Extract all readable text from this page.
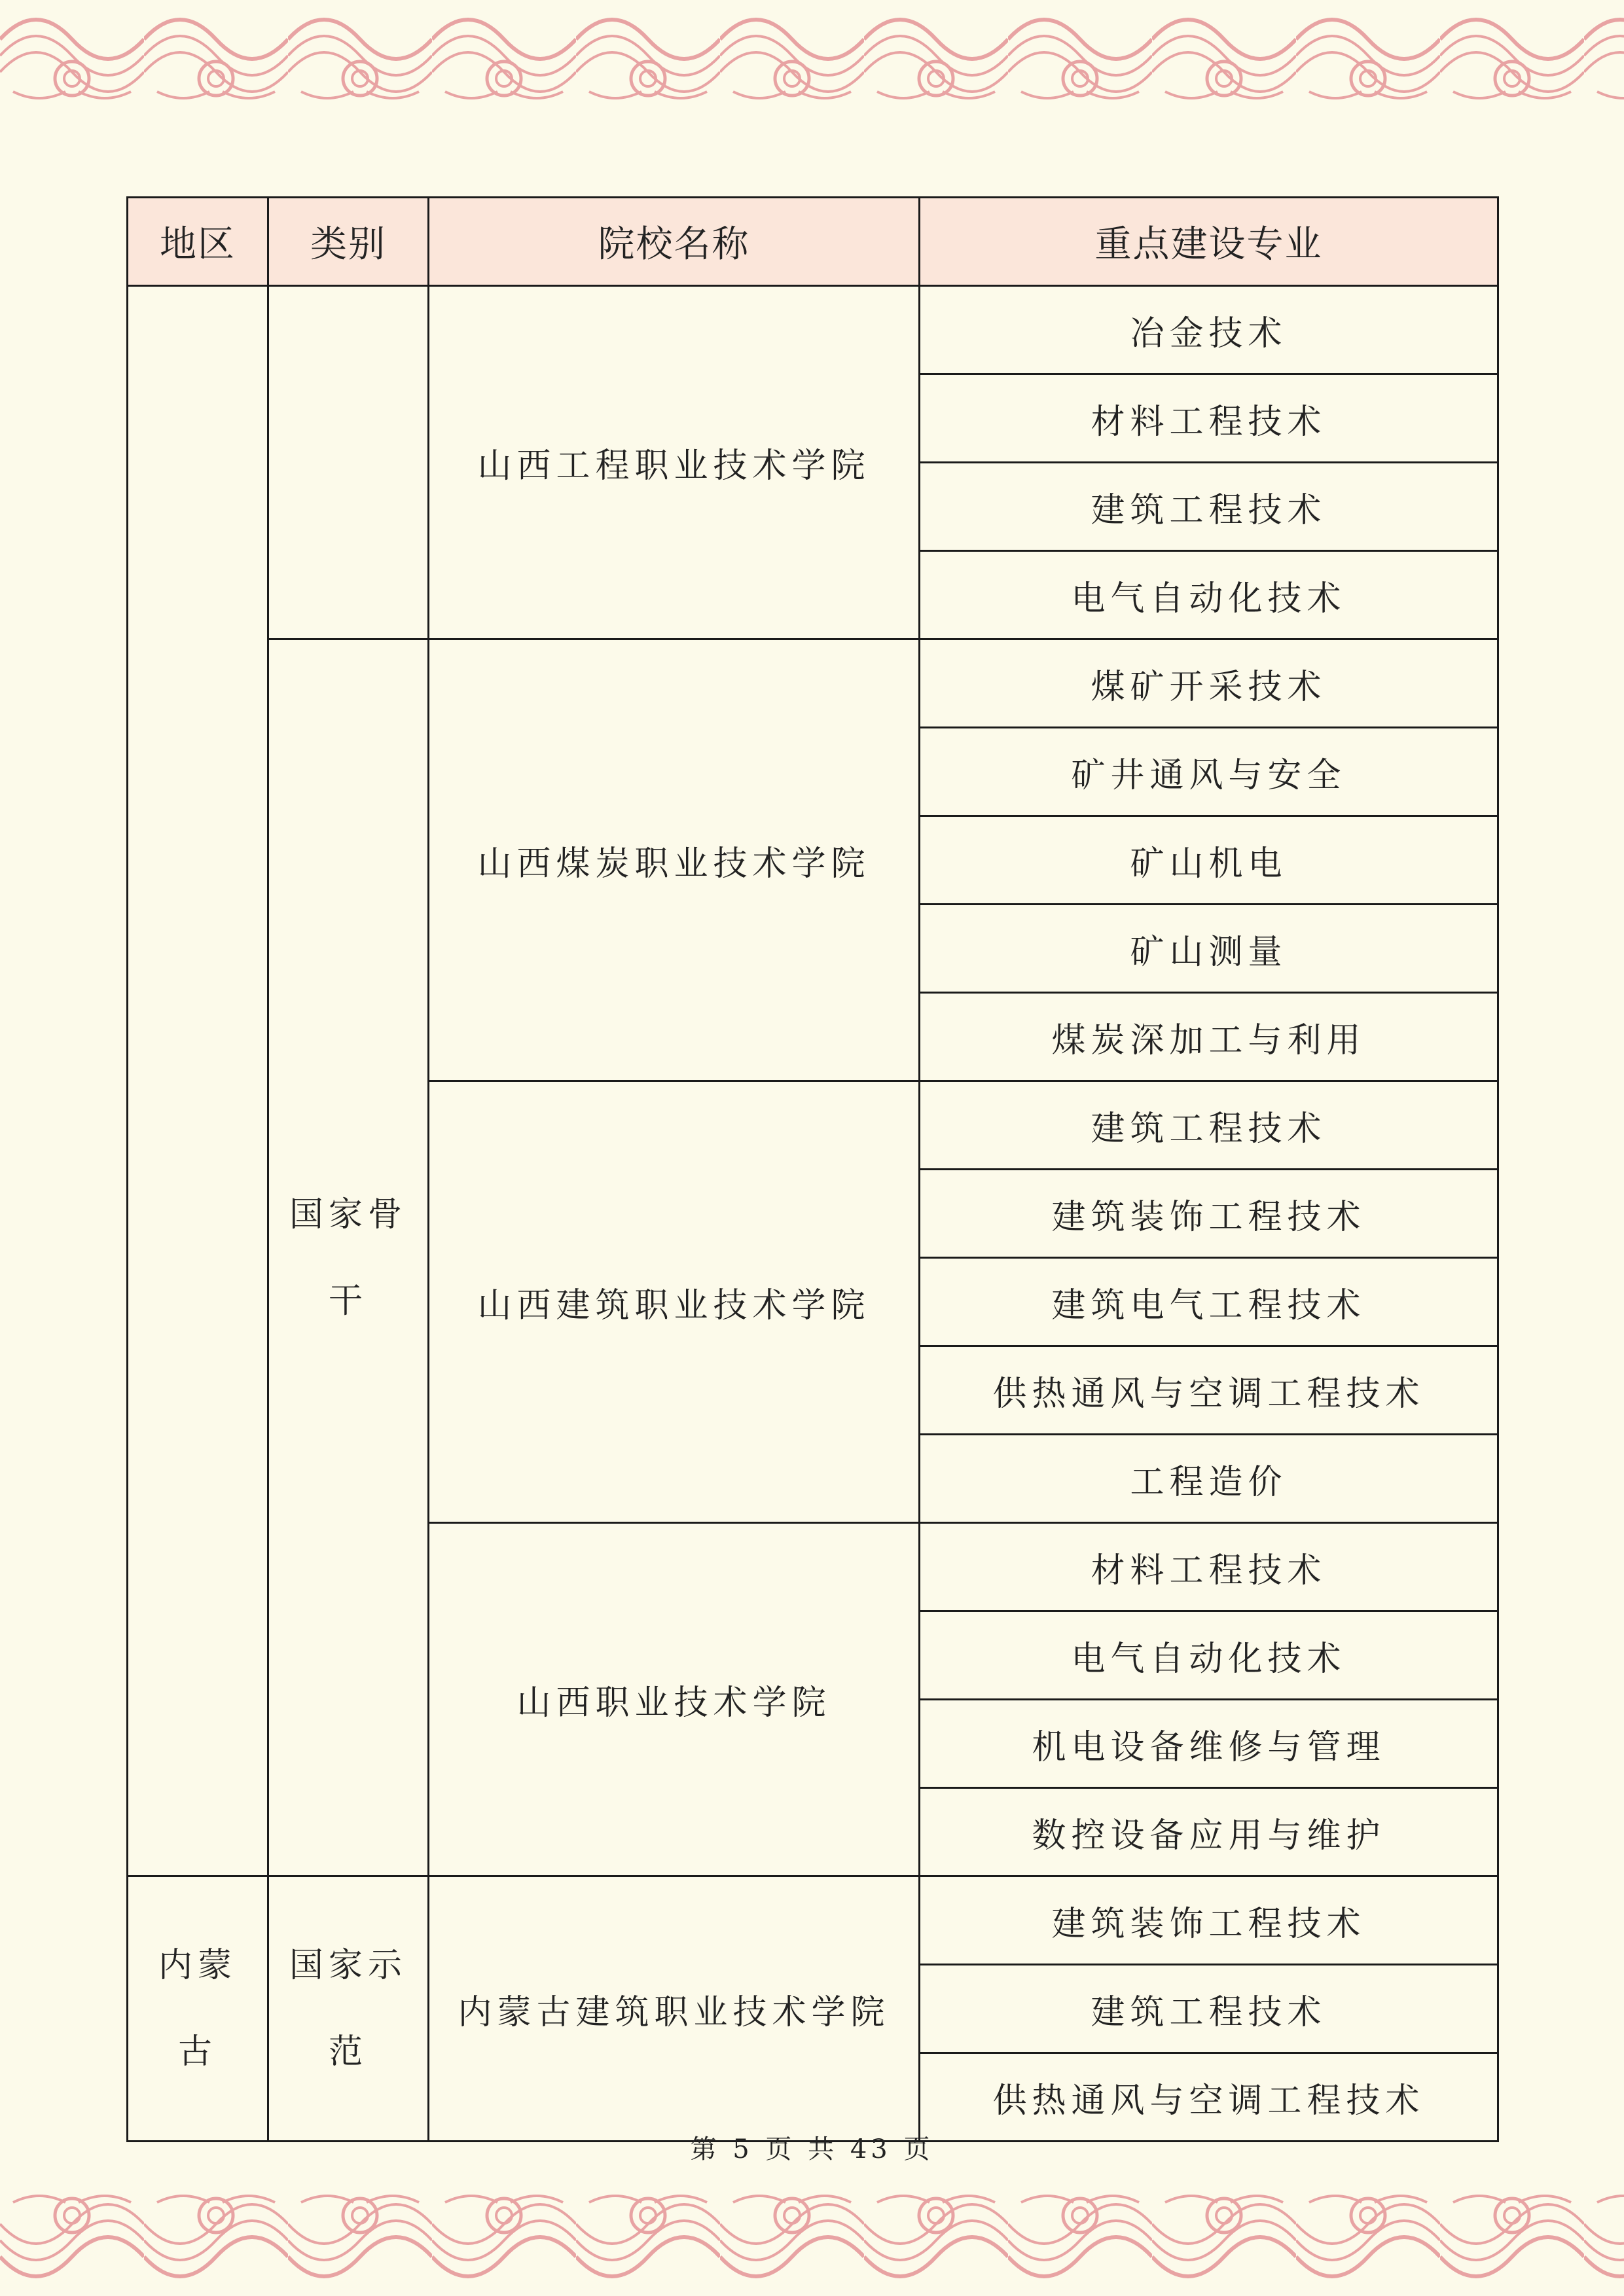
地区	类别	院校名称	重点建设专业
		山西工程职业技术学院	冶金技术
			材料工程技术
			建筑工程技术
			电气自动化技术
	国家骨干	山西煤炭职业技术学院	煤矿开采技术
			矿井通风与安全
			矿山机电
			矿山测量
			煤炭深加工与利用
		山西建筑职业技术学院	建筑工程技术
			建筑装饰工程技术
			建筑电气工程技术
			供热通风与空调工程技术
			工程造价
		山西职业技术学院	材料工程技术
			电气自动化技术
			机电设备维修与管理
			数控设备应用与维护
内蒙古	国家示范	内蒙古建筑职业技术学院	建筑装饰工程技术
			建筑工程技术
			供热通风与空调工程技术
第 5 页 共 43 页
